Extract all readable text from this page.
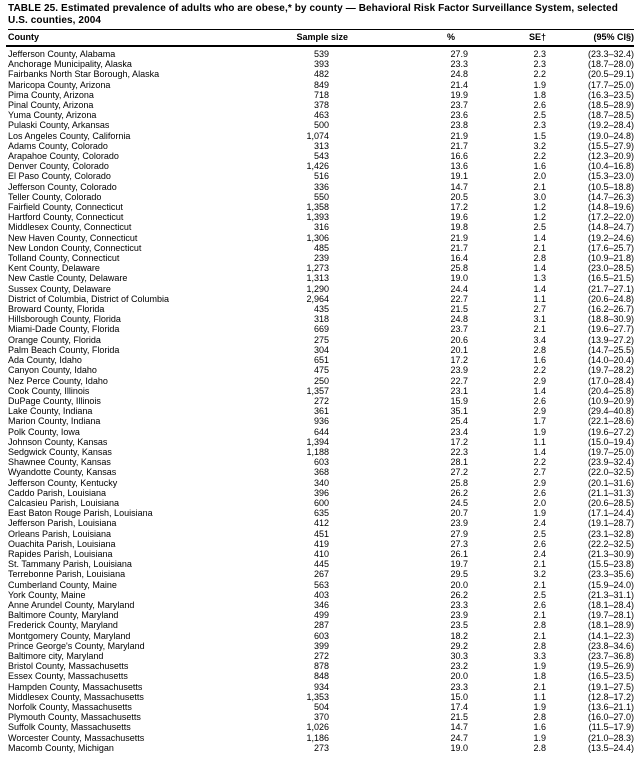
TABLE 25. Estimated prevalence of adults who are obese,* by county — Behavioral Risk Factor Surveillance System, selected U.S. counties, 2004
County	Sample size	%	SE†	(95% CI§)
Jefferson County, Alabama	539	27.9	2.3	(23.3–32.4)
Anchorage Municipality, Alaska	393	23.3	2.3	(18.7–28.0)
Fairbanks North Star Borough, Alaska	482	24.8	2.2	(20.5–29.1)
Maricopa County, Arizona	849	21.4	1.9	(17.7–25.0)
Pima County, Arizona	718	19.9	1.8	(16.3–23.5)
Pinal County, Arizona	378	23.7	2.6	(18.5–28.9)
Yuma County, Arizona	463	23.6	2.5	(18.7–28.5)
Pulaski County, Arkansas	500	23.8	2.3	(19.2–28.4)
Los Angeles County, California	1,074	21.9	1.5	(19.0–24.8)
Adams County, Colorado	313	21.7	3.2	(15.5–27.9)
Arapahoe County, Colorado	543	16.6	2.2	(12.3–20.9)
Denver County, Colorado	1,426	13.6	1.6	(10.4–16.8)
El Paso County, Colorado	516	19.1	2.0	(15.3–23.0)
Jefferson County, Colorado	336	14.7	2.1	(10.5–18.8)
Teller County, Colorado	550	20.5	3.0	(14.7–26.3)
Fairfield County, Connecticut	1,358	17.2	1.2	(14.8–19.6)
Hartford County, Connecticut	1,393	19.6	1.2	(17.2–22.0)
Middlesex County, Connecticut	316	19.8	2.5	(14.8–24.7)
New Haven County, Connecticut	1,306	21.9	1.4	(19.2–24.6)
New London County, Connecticut	485	21.7	2.1	(17.6–25.7)
Tolland County, Connecticut	239	16.4	2.8	(10.9–21.8)
Kent County, Delaware	1,273	25.8	1.4	(23.0–28.5)
New Castle County, Delaware	1,313	19.0	1.3	(16.5–21.5)
Sussex County, Delaware	1,290	24.4	1.4	(21.7–27.1)
District of Columbia, District of Columbia	2,964	22.7	1.1	(20.6–24.8)
Broward County, Florida	435	21.5	2.7	(16.2–26.7)
Hillsborough County, Florida	318	24.8	3.1	(18.8–30.9)
Miami-Dade County, Florida	669	23.7	2.1	(19.6–27.7)
Orange County, Florida	275	20.6	3.4	(13.9–27.2)
Palm Beach County, Florida	304	20.1	2.8	(14.7–25.5)
Ada County, Idaho	651	17.2	1.6	(14.0–20.4)
Canyon County, Idaho	475	23.9	2.2	(19.7–28.2)
Nez Perce County, Idaho	250	22.7	2.9	(17.0–28.4)
Cook County, Illinois	1,357	23.1	1.4	(20.4–25.8)
DuPage County, Illinois	272	15.9	2.6	(10.9–20.9)
Lake County, Indiana	361	35.1	2.9	(29.4–40.8)
Marion County, Indiana	936	25.4	1.7	(22.1–28.6)
Polk County, Iowa	644	23.4	1.9	(19.6–27.2)
Johnson County, Kansas	1,394	17.2	1.1	(15.0–19.4)
Sedgwick County, Kansas	1,188	22.3	1.4	(19.7–25.0)
Shawnee County, Kansas	603	28.1	2.2	(23.9–32.4)
Wyandotte County, Kansas	368	27.2	2.7	(22.0–32.5)
Jefferson County, Kentucky	340	25.8	2.9	(20.1–31.6)
Caddo Parish, Louisiana	396	26.2	2.6	(21.1–31.3)
Calcasieu Parish, Louisiana	600	24.5	2.0	(20.6–28.5)
East Baton Rouge Parish, Louisiana	635	20.7	1.9	(17.1–24.4)
Jefferson Parish, Louisiana	412	23.9	2.4	(19.1–28.7)
Orleans Parish, Louisiana	451	27.9	2.5	(23.1–32.8)
Ouachita Parish, Louisiana	419	27.3	2.6	(22.2–32.5)
Rapides Parish, Louisiana	410	26.1	2.4	(21.3–30.9)
St. Tammany Parish, Louisiana	445	19.7	2.1	(15.5–23.8)
Terrebonne Parish, Louisiana	267	29.5	3.2	(23.3–35.6)
Cumberland County, Maine	563	20.0	2.1	(15.9–24.0)
York County, Maine	403	26.2	2.5	(21.3–31.1)
Anne Arundel County, Maryland	346	23.3	2.6	(18.1–28.4)
Baltimore County, Maryland	499	23.9	2.1	(19.7–28.1)
Frederick County, Maryland	287	23.5	2.8	(18.1–28.9)
Montgomery County, Maryland	603	18.2	2.1	(14.1–22.3)
Prince George's County, Maryland	399	29.2	2.8	(23.8–34.6)
Baltimore city, Maryland	272	30.3	3.3	(23.7–36.8)
Bristol County, Massachusetts	878	23.2	1.9	(19.5–26.9)
Essex County, Massachusetts	848	20.0	1.8	(16.5–23.5)
Hampden County, Massachusetts	934	23.3	2.1	(19.1–27.5)
Middlesex County, Massachusetts	1,353	15.0	1.1	(12.8–17.2)
Norfolk County, Massachusetts	504	17.4	1.9	(13.6–21.1)
Plymouth County, Massachusetts	370	21.5	2.8	(16.0–27.0)
Suffolk County, Massachusetts	1,026	14.7	1.6	(11.5–17.9)
Worcester County, Massachusetts	1,186	24.7	1.9	(21.0–28.3)
Macomb County, Michigan	273	19.0	2.8	(13.5–24.4)
